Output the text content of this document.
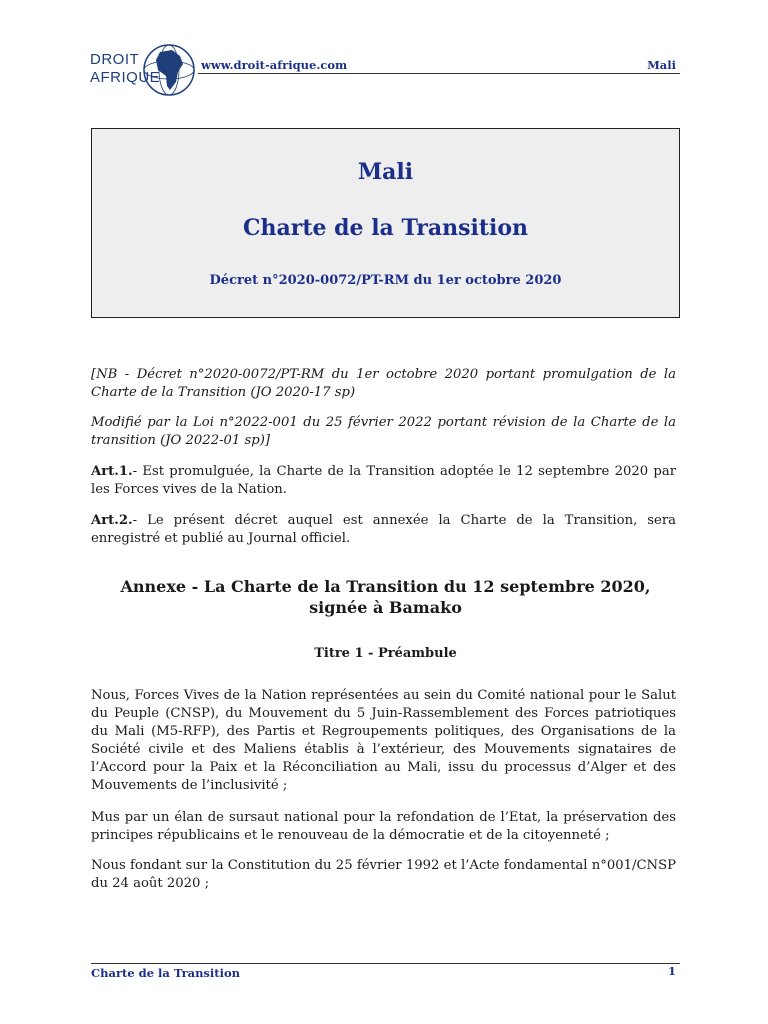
DROIT
AFRIQUE
www.droit-afrique.com	Mali
Mali
Charte de la Transition
Décret n°2020-0072/PT-RM du 1er octobre 2020

[NB - Décret n°2020-0072/PT-RM du 1er octobre 2020 portant promulgation de la Charte de la Transition (JO 2020-17 sp)

Modifié par la Loi n°2022-001 du 25 février 2022 portant révision de la Charte de la transition (JO 2022-01 sp)]

Art.1.- Est promulguée, la Charte de la Transition adoptée le 12 septembre 2020 par les Forces vives de la Nation.

Art.2.- Le présent décret auquel est annexée la Charte de la Transition, sera enregistré et publié au Journal officiel.

Annexe - La Charte de la Transition du 12 septembre 2020, signée à Bamako

Titre 1 - Préambule

Nous, Forces Vives de la Nation représentées au sein du Comité national pour le Salut du Peuple (CNSP), du Mouvement du 5 Juin-Rassemblement des Forces patriotiques du Mali (M5-RFP), des Partis et Regroupements politiques, des Organisations de la Société civile et des Maliens établis à l’extérieur, des Mouvements signataires de l’Accord pour la Paix et la Réconciliation au Mali, issu du processus d’Alger et des Mouvements de l’inclusivité ;

Mus par un élan de sursaut national pour la refondation de l’Etat, la préservation des principes républicains et le renouveau de la démocratie et de la citoyenneté ;

Nous fondant sur la Constitution du 25 février 1992 et l’Acte fondamental n°001/CNSP du 24 août 2020 ;

Charte de la Transition	1
